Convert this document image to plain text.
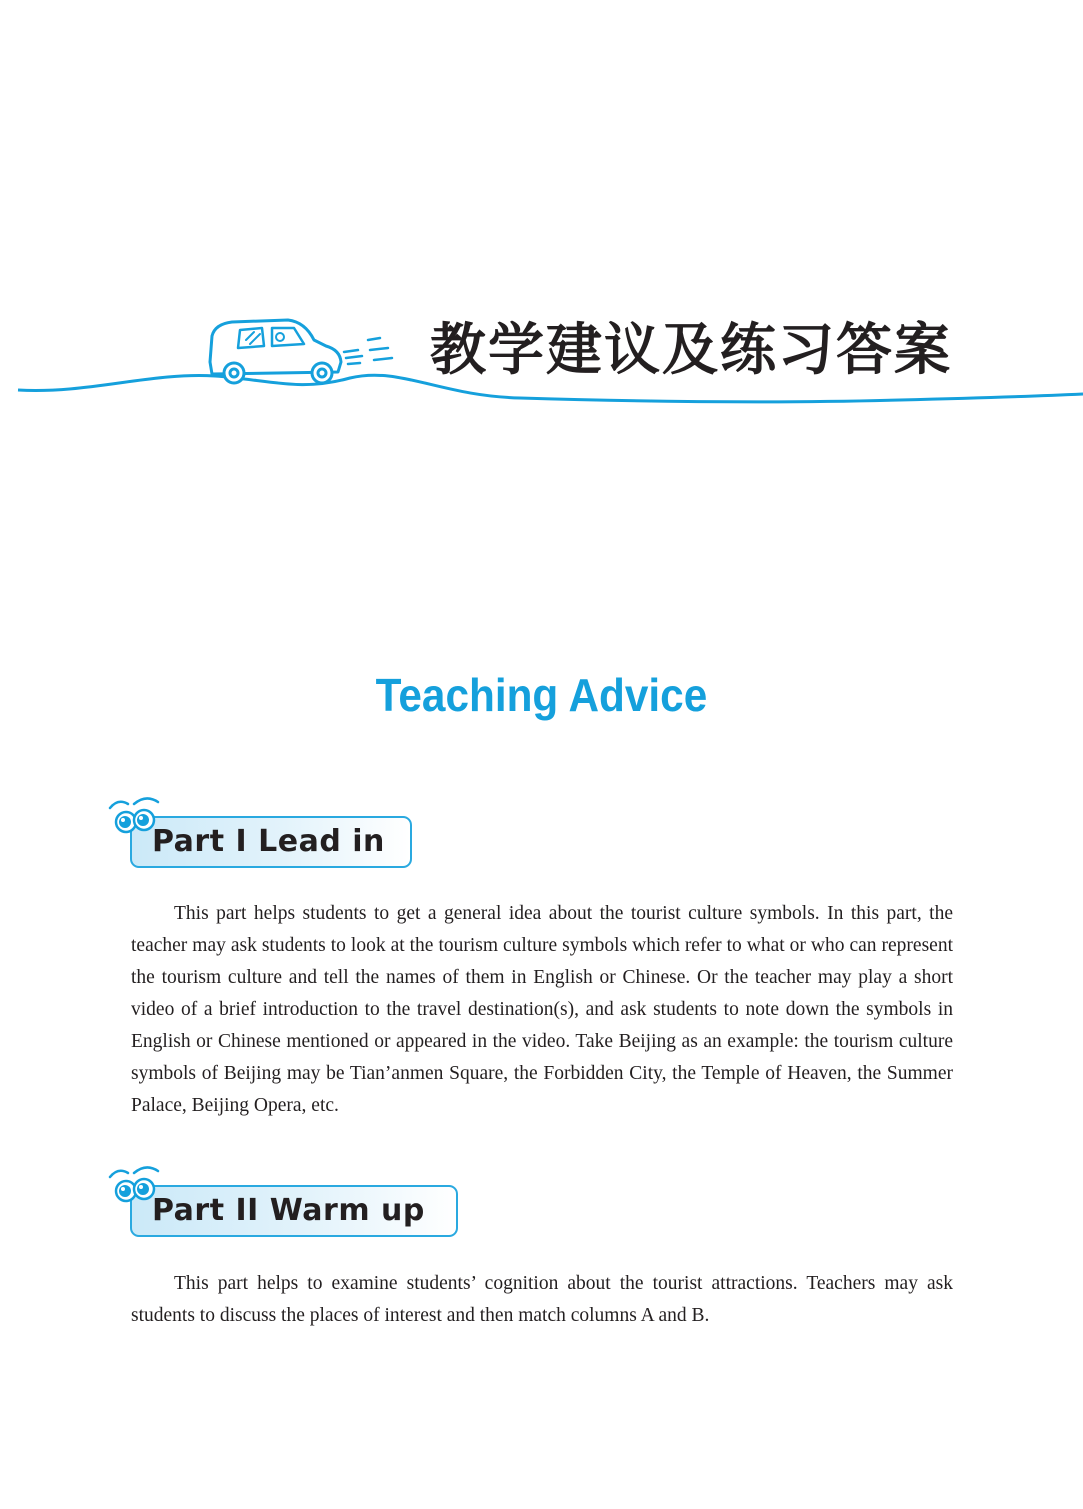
教学建议及练习答案
Teaching Advice
Part I Lead in

This part helps students to get a general idea about the tourist culture symbols. In this part, the teacher may ask students to look at the tourism culture symbols which refer to what or who can represent the tourism culture and tell the names of them in English or Chinese. Or the teacher may play a short video of a brief introduction to the travel destination(s), and ask students to note down the symbols in English or Chinese mentioned or appeared in the video. Take Beijing as an example: the tourism culture symbols of Beijing may be Tian’anmen Square, the Forbidden City, the Temple of Heaven, the Summer Palace, Beijing Opera, etc.

Part II Warm up

This part helps to examine students’ cognition about the tourist attractions. Teachers may ask students to discuss the places of interest and then match columns A and B.
